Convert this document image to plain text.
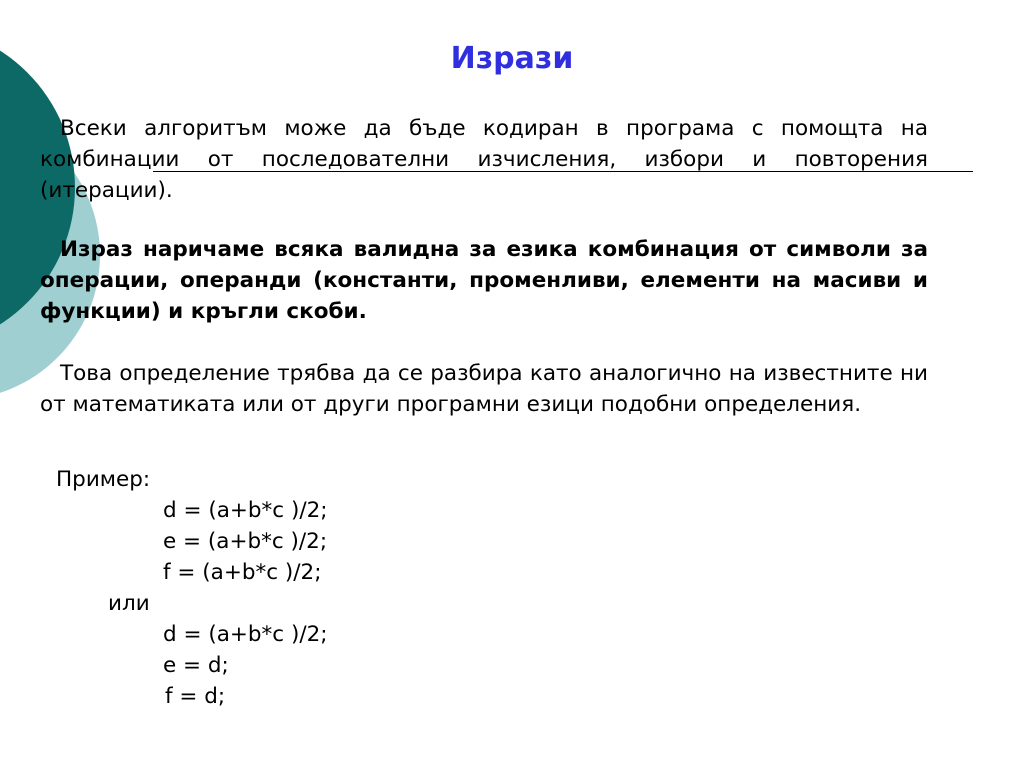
Изрази
Всеки алгоритъм може да бъде кодиран в програма с помощта на комбинации от последователни изчисления, избори и повторения (итерации).
Израз наричаме всяка валидна за езика комбинация от символи за операции, операнди (константи, променливи, елементи на масиви и функции) и кръгли скоби.
Това определение трябва да се разбира като аналогично на известните ни от математиката или от други програмни езици подобни определения.
Пример:
d = (a+b*c )/2;
e = (a+b*c )/2;
f = (a+b*c )/2;
или
d = (a+b*c )/2;
e = d;
f = d;
